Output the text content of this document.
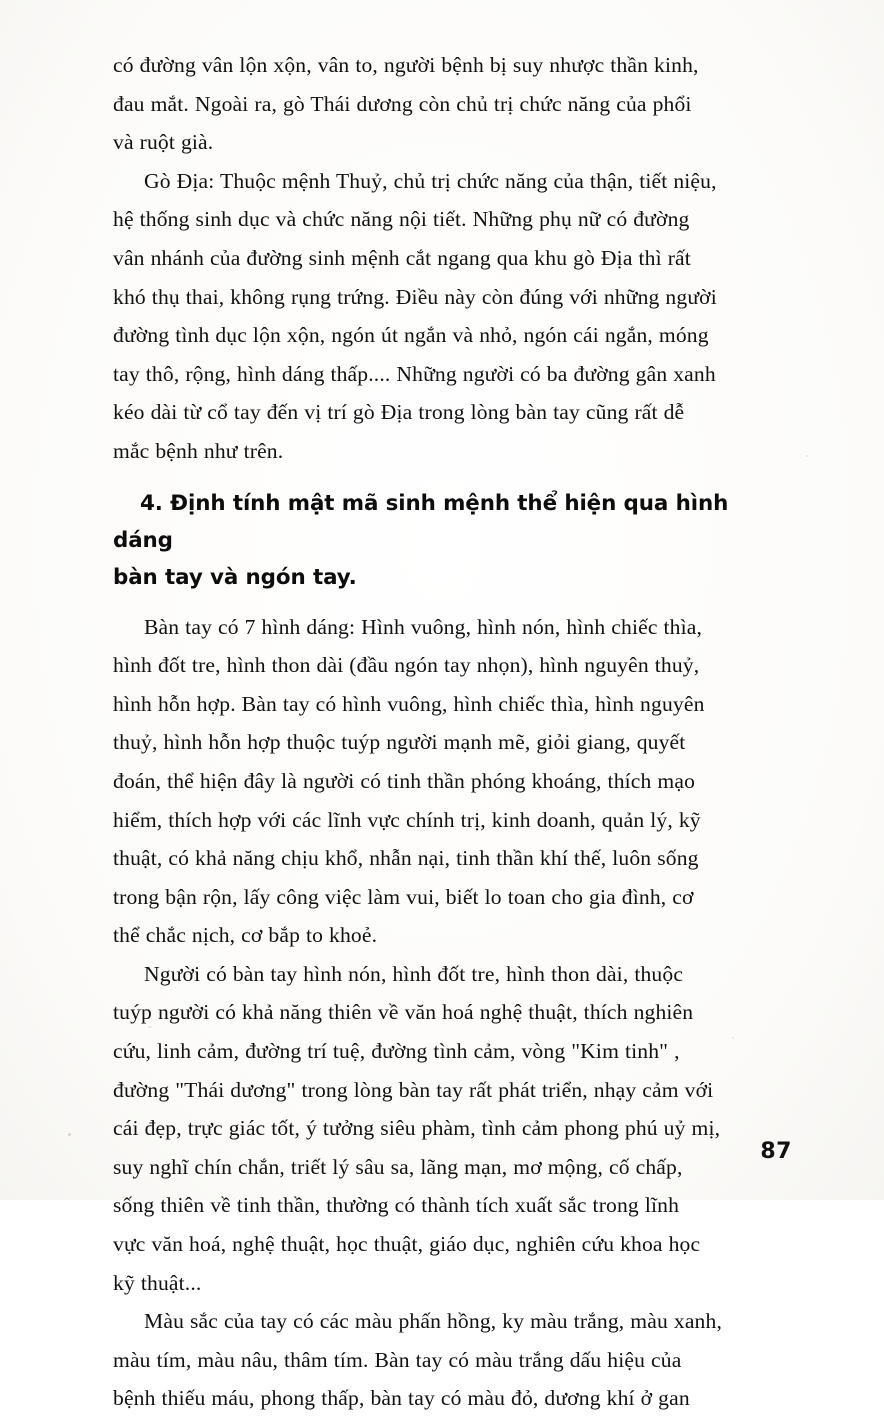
có đường vân lộn xộn, vân to, người bệnh bị suy nhược thần kinh,
đau mắt. Ngoài ra, gò Thái dương còn chủ trị chức năng của phổi
và ruột già.

Gò Địa: Thuộc mệnh Thuỷ, chủ trị chức năng của thận, tiết niệu,
hệ thống sinh dục và chức năng nội tiết. Những phụ nữ có đường
vân nhánh của đường sinh mệnh cắt ngang qua khu gò Địa thì rất
khó thụ thai, không rụng trứng. Điều này còn đúng với những người
đường tình dục lộn xộn, ngón út ngắn và nhỏ, ngón cái ngắn, móng
tay thô, rộng, hình dáng thấp.... Những người có ba đường gân xanh
kéo dài từ cổ tay đến vị trí gò Địa trong lòng bàn tay cũng rất dễ
mắc bệnh như trên.

4. Định tính mật mã sinh mệnh thể hiện qua hình dáng
bàn tay và ngón tay.

Bàn tay có 7 hình dáng: Hình vuông, hình nón, hình chiếc thìa,
hình đốt tre, hình thon dài (đầu ngón tay nhọn), hình nguyên thuỷ,
hình hỗn hợp. Bàn tay có hình vuông, hình chiếc thìa, hình nguyên
thuỷ, hình hỗn hợp thuộc tuýp người mạnh mẽ, giỏi giang, quyết
đoán, thể hiện đây là người có tinh thần phóng khoáng, thích mạo
hiểm, thích hợp với các lĩnh vực chính trị, kinh doanh, quản lý, kỹ
thuật, có khả năng chịu khổ, nhẫn nại, tinh thần khí thế, luôn sống
trong bận rộn, lấy công việc làm vui, biết lo toan cho gia đình, cơ
thể chắc nịch, cơ bắp to khoẻ.

Người có bàn tay hình nón, hình đốt tre, hình thon dài, thuộc
tuýp người có khả năng thiên về văn hoá nghệ thuật, thích nghiên
cứu, linh cảm, đường trí tuệ, đường tình cảm, vòng "Kim tinh" ,
đường "Thái dương" trong lòng bàn tay rất phát triển, nhạy cảm với
cái đẹp, trực giác tốt, ý tưởng siêu phàm, tình cảm phong phú uỷ mị,
suy nghĩ chín chắn, triết lý sâu sa, lãng mạn, mơ mộng, cố chấp,
sống thiên về tinh thần, thường có thành tích xuất sắc trong lĩnh
vực văn hoá, nghệ thuật, học thuật, giáo dục, nghiên cứu khoa học
kỹ thuật...

Màu sắc của tay có các màu phấn hồng, ky màu trắng, màu xanh,
màu tím, màu nâu, thâm tím. Bàn tay có màu trắng dấu hiệu của
bệnh thiếu máu, phong thấp, bàn tay có màu đỏ, dương khí ở gan

87
